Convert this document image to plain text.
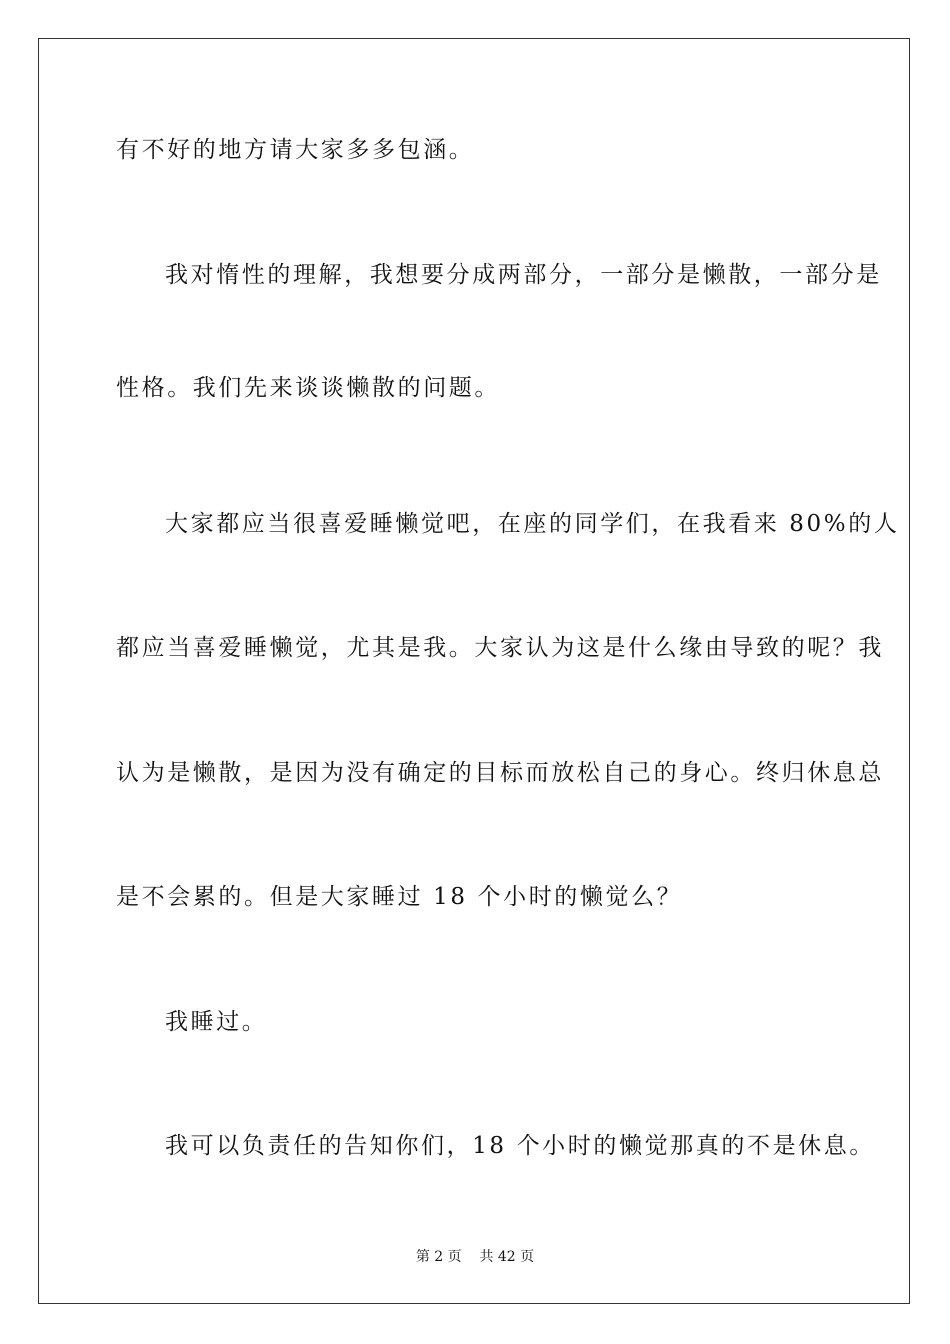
有不好的地方请大家多多包涵。
我对惰性的理解，我想要分成两部分，一部分是懒散，一部分是
性格。我们先来谈谈懒散的问题。
大家都应当很喜爱睡懒觉吧，在座的同学们，在我看来 80%的人
都应当喜爱睡懒觉，尤其是我。大家认为这是什么缘由导致的呢？我
认为是懒散，是因为没有确定的目标而放松自己的身心。终归休息总
是不会累的。但是大家睡过 18 个小时的懒觉么？
我睡过。
我可以负责任的告知你们，18 个小时的懒觉那真的不是休息。
第 2 页 共 42 页
